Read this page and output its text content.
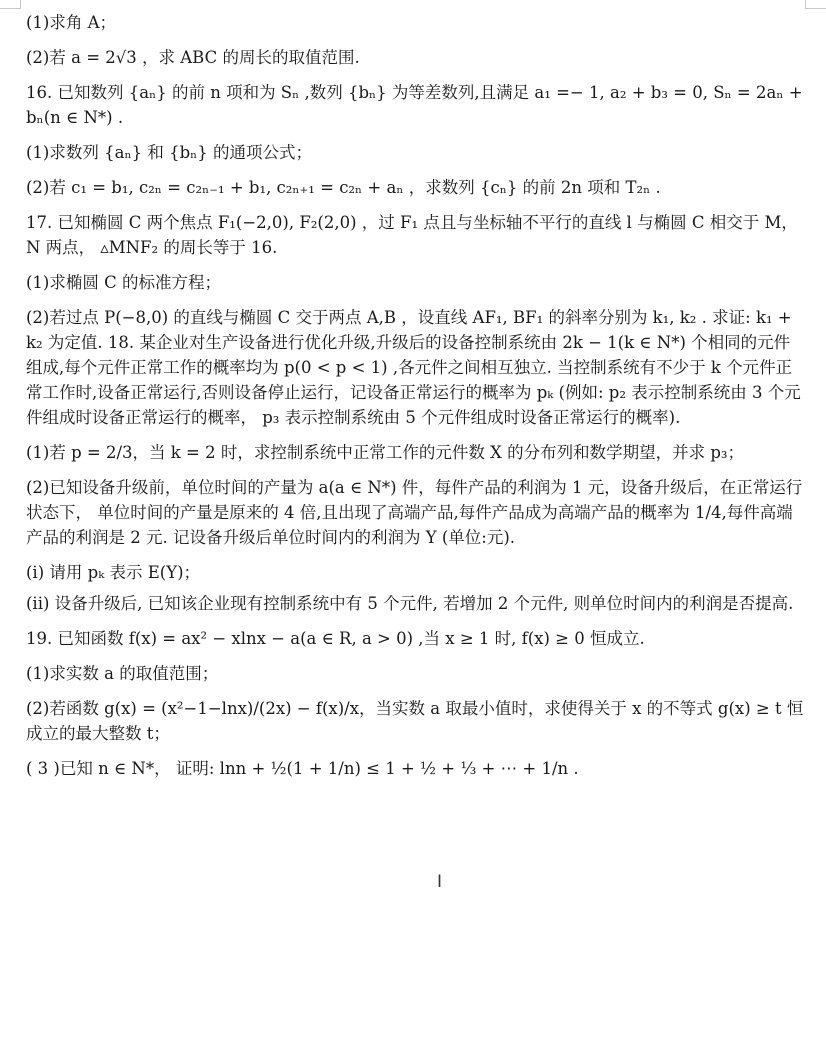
(1)求角 A；

(2)若 a = 2√3 ，求 ABC 的周长的取值范围.

16. 已知数列 {aₙ} 的前 n 项和为 Sₙ ,数列 {bₙ} 为等差数列,且满足 a₁ =− 1, a₂ + b₃ = 0, Sₙ = 2aₙ + bₙ(n ∈ N*) .

(1)求数列 {aₙ} 和 {bₙ} 的通项公式；

(2)若 c₁ = b₁, c₂ₙ = c₂ₙ₋₁ + b₁, c₂ₙ₊₁ = c₂ₙ + aₙ ，求数列 {cₙ} 的前 2n 项和 T₂ₙ .

17. 已知椭圆 C 两个焦点 F₁(−2,0), F₂(2,0) ，过 F₁ 点且与坐标轴不平行的直线 l 与椭圆 C 相交于 M， N 两点， ▵MNF₂ 的周长等于 16.

(1)求椭圆 C 的标准方程；

(2)若过点 P(−8,0) 的直线与椭圆 C 交于两点 A,B ，设直线 AF₁, BF₁ 的斜率分别为 k₁, k₂ . 求证: k₁ + k₂ 为定值. 18. 某企业对生产设备进行优化升级,升级后的设备控制系统由 2k − 1(k ∈ N*) 个相同的元件组成,每个元件正常工作的概率均为 p(0 < p < 1) ,各元件之间相互独立. 当控制系统有不少于 k 个元件正常工作时,设备正常运行,否则设备停止运行，记设备正常运行的概率为 pₖ (例如: p₂ 表示控制系统由 3 个元件组成时设备正常运行的概率， p₃ 表示控制系统由 5 个元件组成时设备正常运行的概率).

(1)若 p = 2/3，当 k = 2 时，求控制系统中正常工作的元件数 X 的分布列和数学期望，并求 p₃；

(2)已知设备升级前，单位时间的产量为 a(a ∈ N*) 件，每件产品的利润为 1 元，设备升级后，在正常运行状态下， 单位时间的产量是原来的 4 倍,且出现了高端产品,每件产品成为高端产品的概率为 1/4,每件高端产品的利润是 2 元. 记设备升级后单位时间内的利润为 Y (单位:元).

(i) 请用 pₖ 表示 E(Y)；

(ii) 设备升级后, 已知该企业现有控制系统中有 5 个元件, 若增加 2 个元件, 则单位时间内的利润是否提高.

19. 已知函数 f(x) = ax² − xlnx − a(a ∈ R, a > 0) ,当 x ≥ 1 时, f(x) ≥ 0 恒成立.

(1)求实数 a 的取值范围；

(2)若函数 g(x) = (x²−1−lnx)/(2x) − f(x)/x，当实数 a 取最小值时，求使得关于 x 的不等式 g(x) ≥ t 恒成立的最大整数 t；

( 3 )已知 n ∈ N*， 证明: lnn + ½(1 + 1/n) ≤ 1 + ½ + ⅓ + ⋯ + 1/n .

I
